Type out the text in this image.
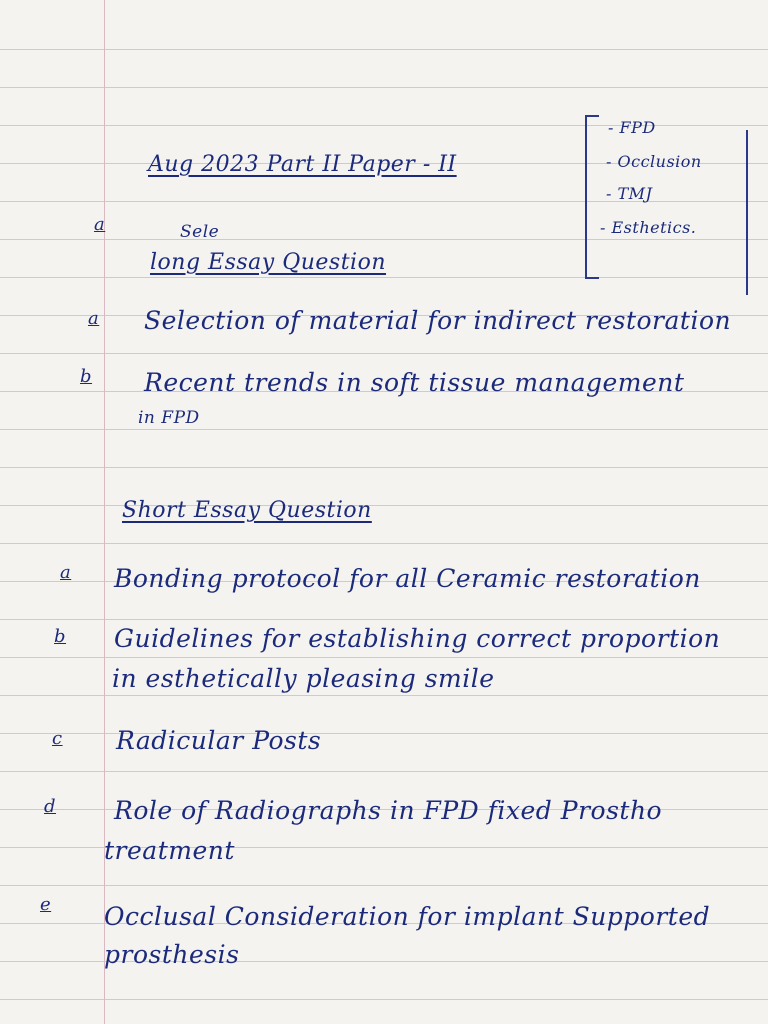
Aug 2023 Part II Paper - II
- FPD
- Occlusion
- TMJ
- Esthetics.
a	Sele
long Essay Question
a Selection of material for indirect restoration
b Recent trends in soft tissue management
in FPD
Short Essay Question
a Bonding protocol for all Ceramic restoration
b Guidelines for establishing correct proportion
in esthetically pleasing smile
c Radicular Posts
d Role of Radiographs in FPD fixed Prostho
treatment
e Occlusal Consideration for implant Supported
prosthesis
